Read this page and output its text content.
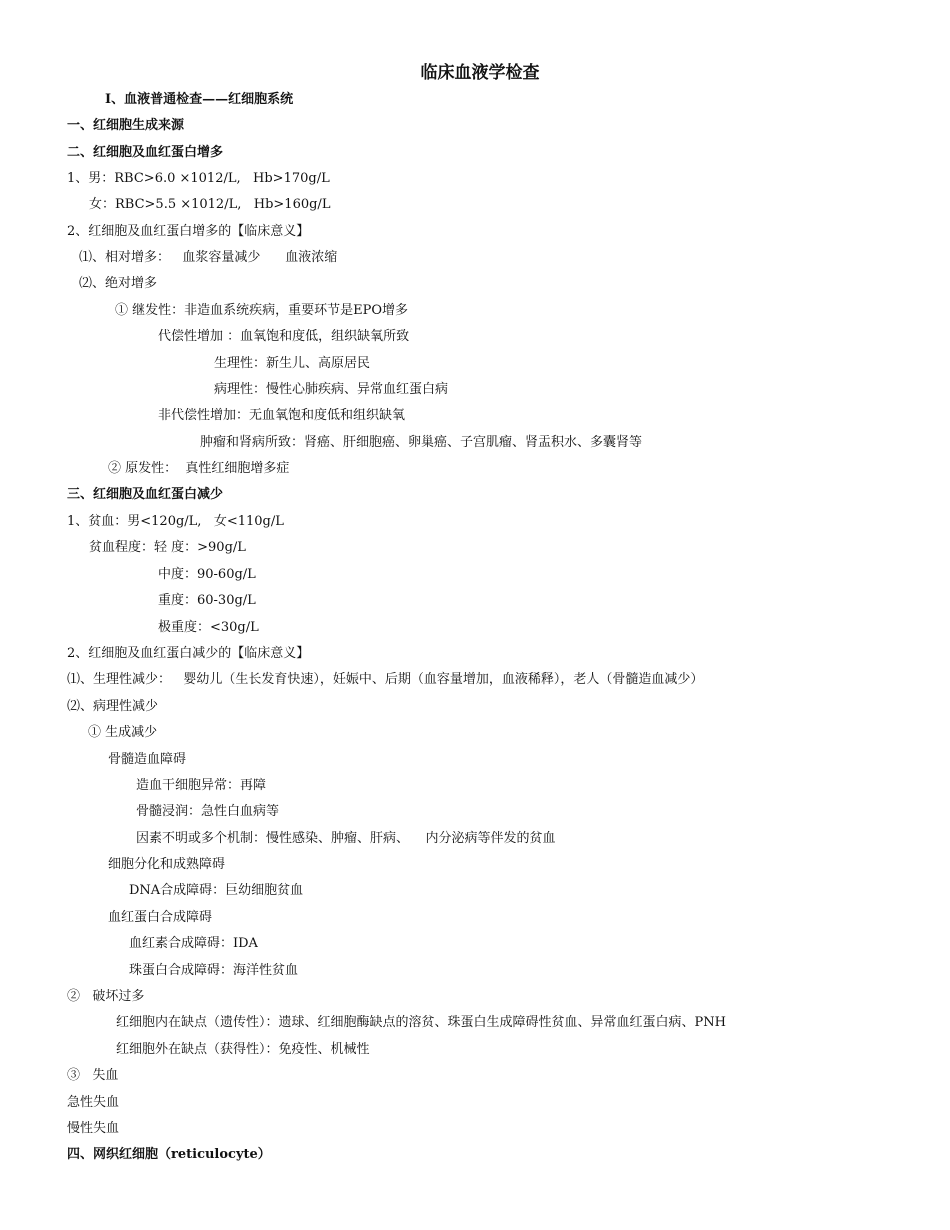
临床血液学检查
Ⅰ、血液普通检查——红细胞系统
一、红细胞生成来源
二、红细胞及血红蛋白增多
1、男：RBC>6.0 ×1012/L,   Hb>170g/L
女：RBC>5.5 ×1012/L,   Hb>160g/L
2、红细胞及血红蛋白增多的【临床意义】
⑴、相对增多：   血浆容量减少      血液浓缩
⑵、绝对增多
① 继发性：非造血系统疾病，重要环节是EPO增多
代偿性增加 ：血氧饱和度低，组织缺氧所致
生理性：新生儿、高原居民
病理性：慢性心肺疾病、异常血红蛋白病
非代偿性增加：无血氧饱和度低和组织缺氧
肿瘤和肾病所致：肾癌、肝细胞癌、卵巢癌、子宫肌瘤、肾盂积水、多囊肾等
② 原发性：  真性红细胞增多症
三、红细胞及血红蛋白减少
1、贫血：男<120g/L,   女<110g/L
贫血程度：轻 度：>90g/L
中度：90-60g/L
重度：60-30g/L
极重度：<30g/L
2、红细胞及血红蛋白减少的【临床意义】
⑴、生理性减少：   婴幼儿（生长发育快速），妊娠中、后期（血容量增加，血液稀释），老人（骨髓造血减少）
⑵、病理性减少
① 生成减少
骨髓造血障碍
造血干细胞异常：再障
骨髓浸润：急性白血病等
因素不明或多个机制：慢性感染、肿瘤、肝病、    内分泌病等伴发的贫血
细胞分化和成熟障碍
DNA合成障碍：巨幼细胞贫血
血红蛋白合成障碍
血红素合成障碍：IDA
珠蛋白合成障碍：海洋性贫血
②   破坏过多
红细胞内在缺点（遗传性）：遗球、红细胞酶缺点的溶贫、珠蛋白生成障碍性贫血、异常血红蛋白病、PNH
红细胞外在缺点（获得性）：免疫性、机械性
③   失血
急性失血
慢性失血
四、网织红细胞（reticulocyte）
